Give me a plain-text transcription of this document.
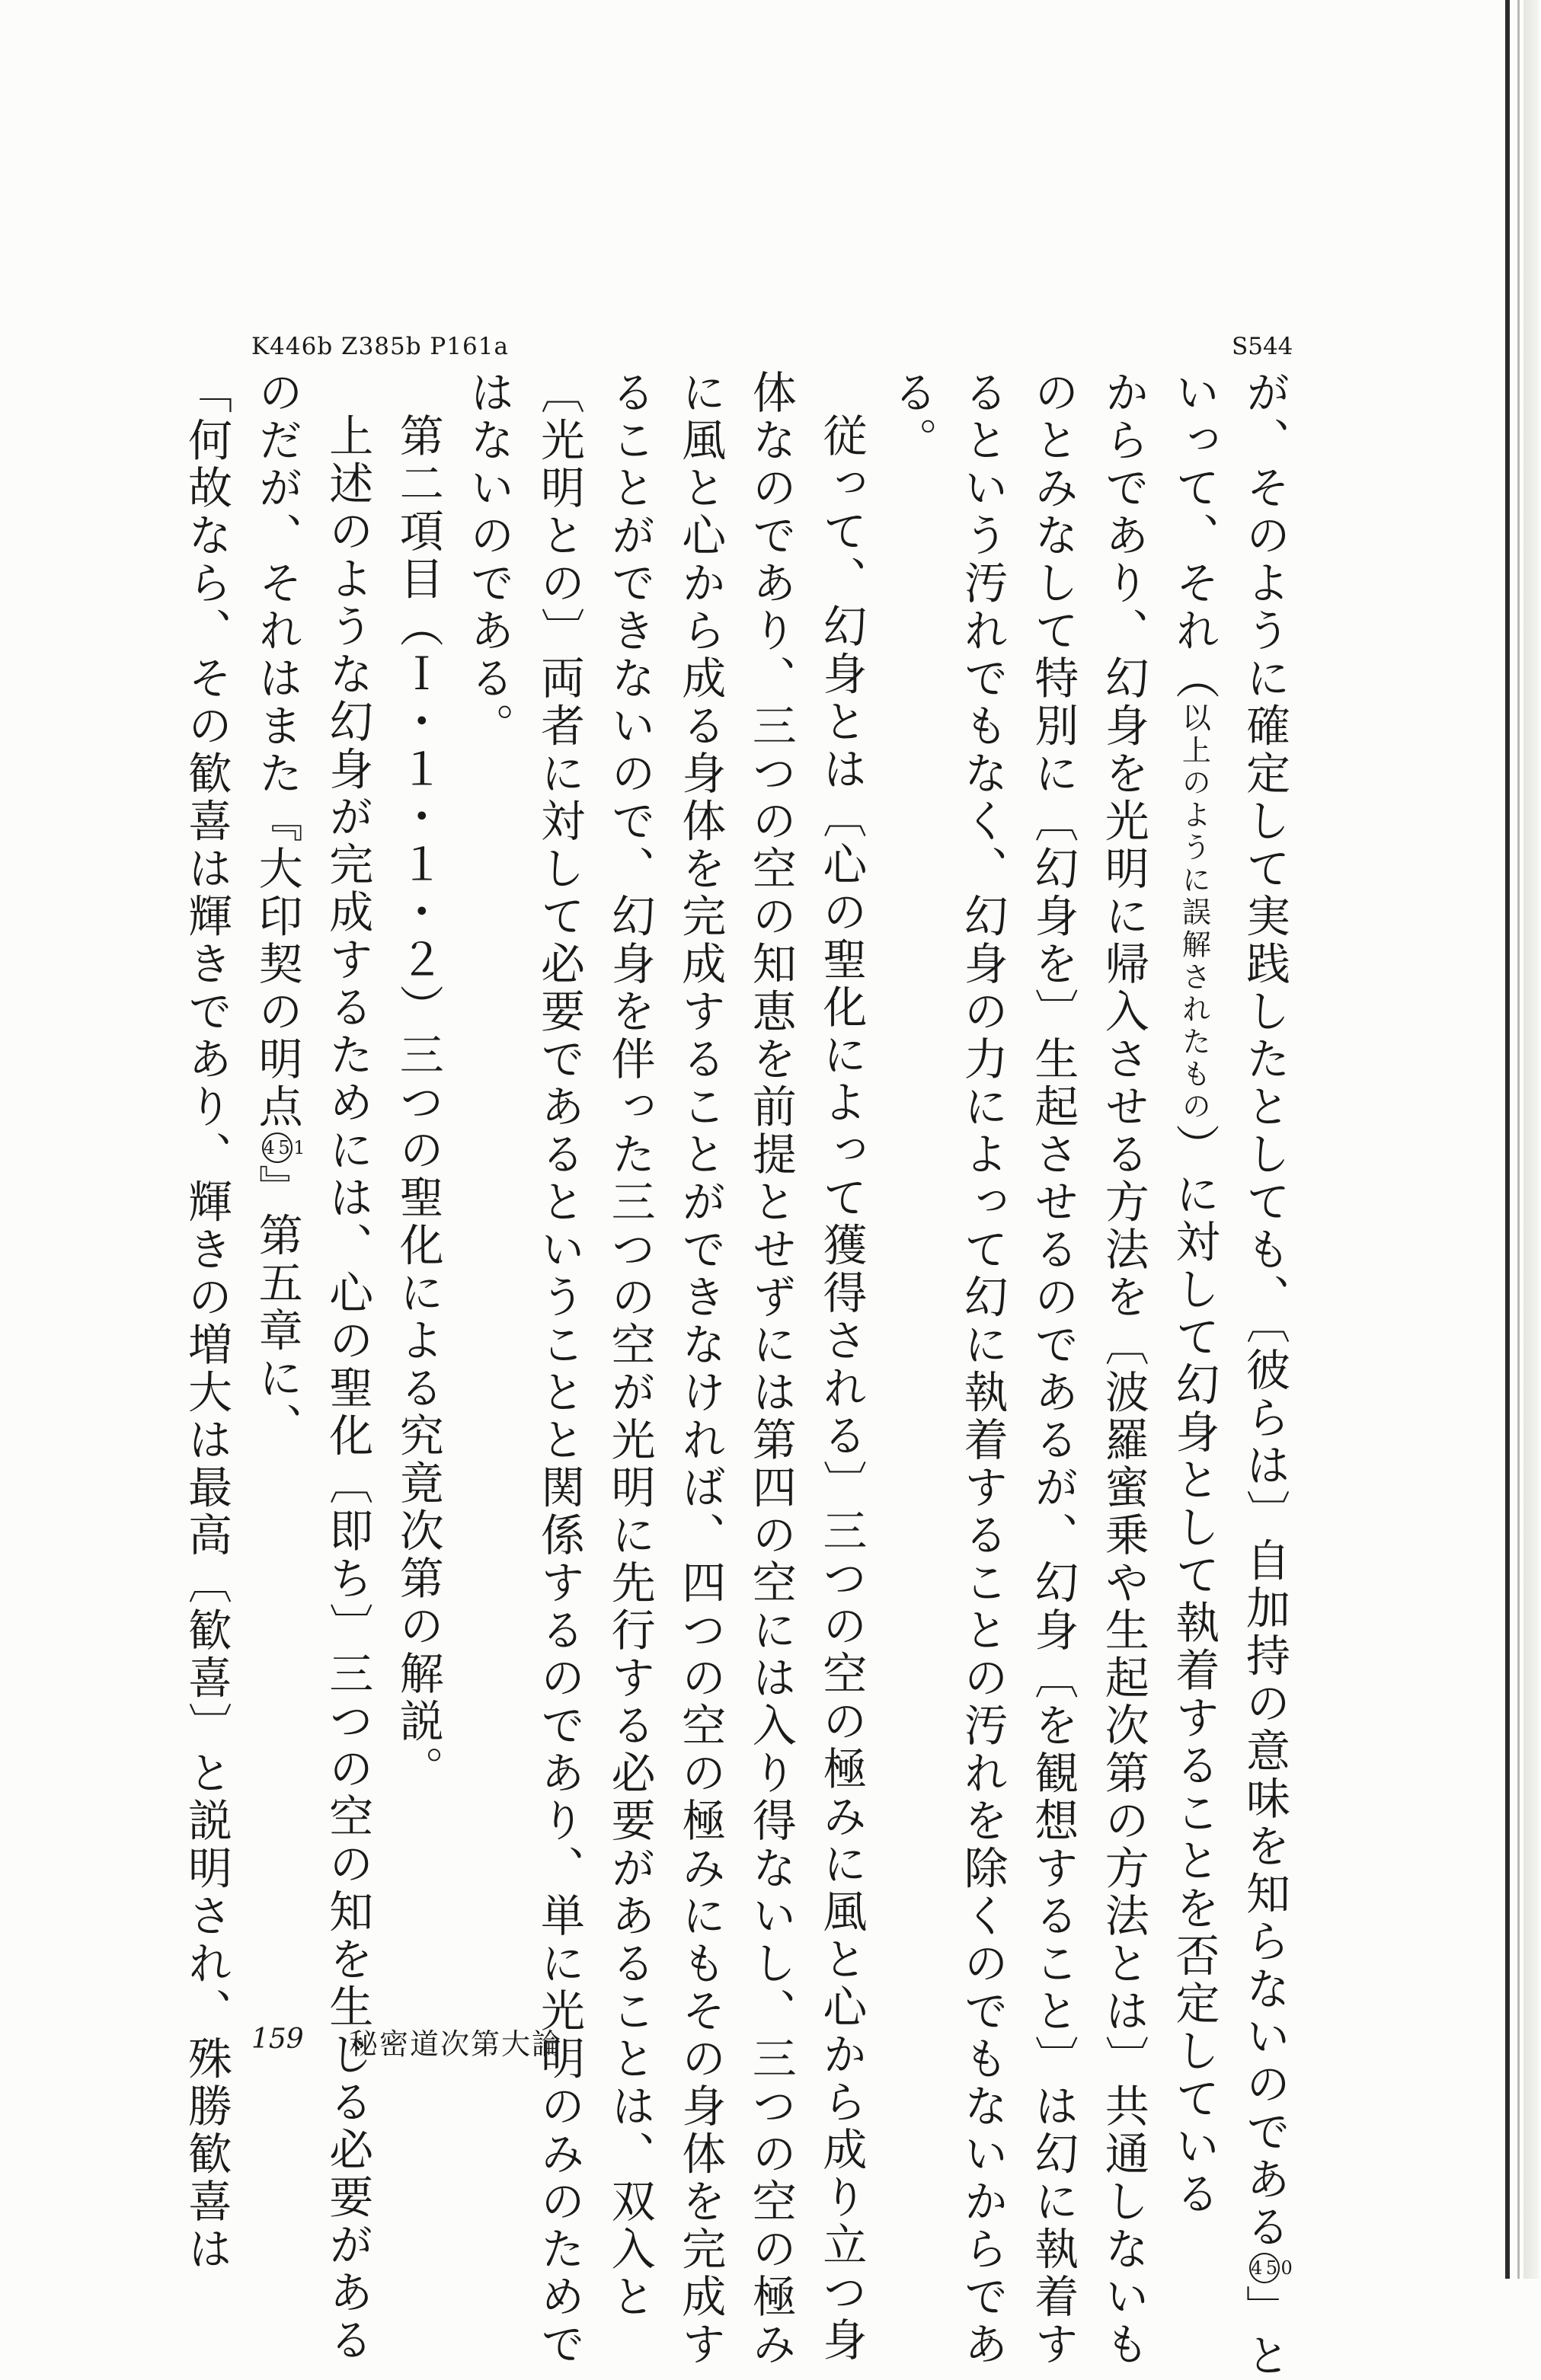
K446b Z385b P161a	S544
が、そのように確定して実践したとしても、〔彼らは〕自加持の意味を知らないのである450」と
いって、それ（以上のように誤解されたもの）に対して幻身として執着することを否定している
からであり、幻身を光明に帰入させる方法を〔波羅蜜乗や生起次第の方法とは〕共通しないも
のとみなして特別に〔幻身を〕生起させるのであるが、幻身〔を観想すること〕は幻に執着す
るという汚れでもなく、幻身の力によって幻に執着することの汚れを除くのでもないからであ
る。
従って、幻身とは〔心の聖化によって獲得される〕三つの空の極みに風と心から成り立つ身
体なのであり、三つの空の知恵を前提とせずには第四の空には入り得ないし、三つの空の極み
に風と心から成る身体を完成することができなければ、四つの空の極みにもその身体を完成す
ることができないので、幻身を伴った三つの空が光明に先行する必要があることは、双入と
〔光明との〕両者に対して必要であるということと関係するのであり、単に光明のみのためで
はないのである。
第二項目（Ｉ・１・１・２）三つの聖化による究竟次第の解説。
上述のような幻身が完成するためには、心の聖化〔即ち〕三つの空の知を生じる必要がある
のだが、それはまた『大印契の明点451』第五章に、
「何故なら、その歓喜は輝きであり、輝きの増大は最高〔歓喜〕と説明され、殊勝歓喜は 159 秘密道次第大論
